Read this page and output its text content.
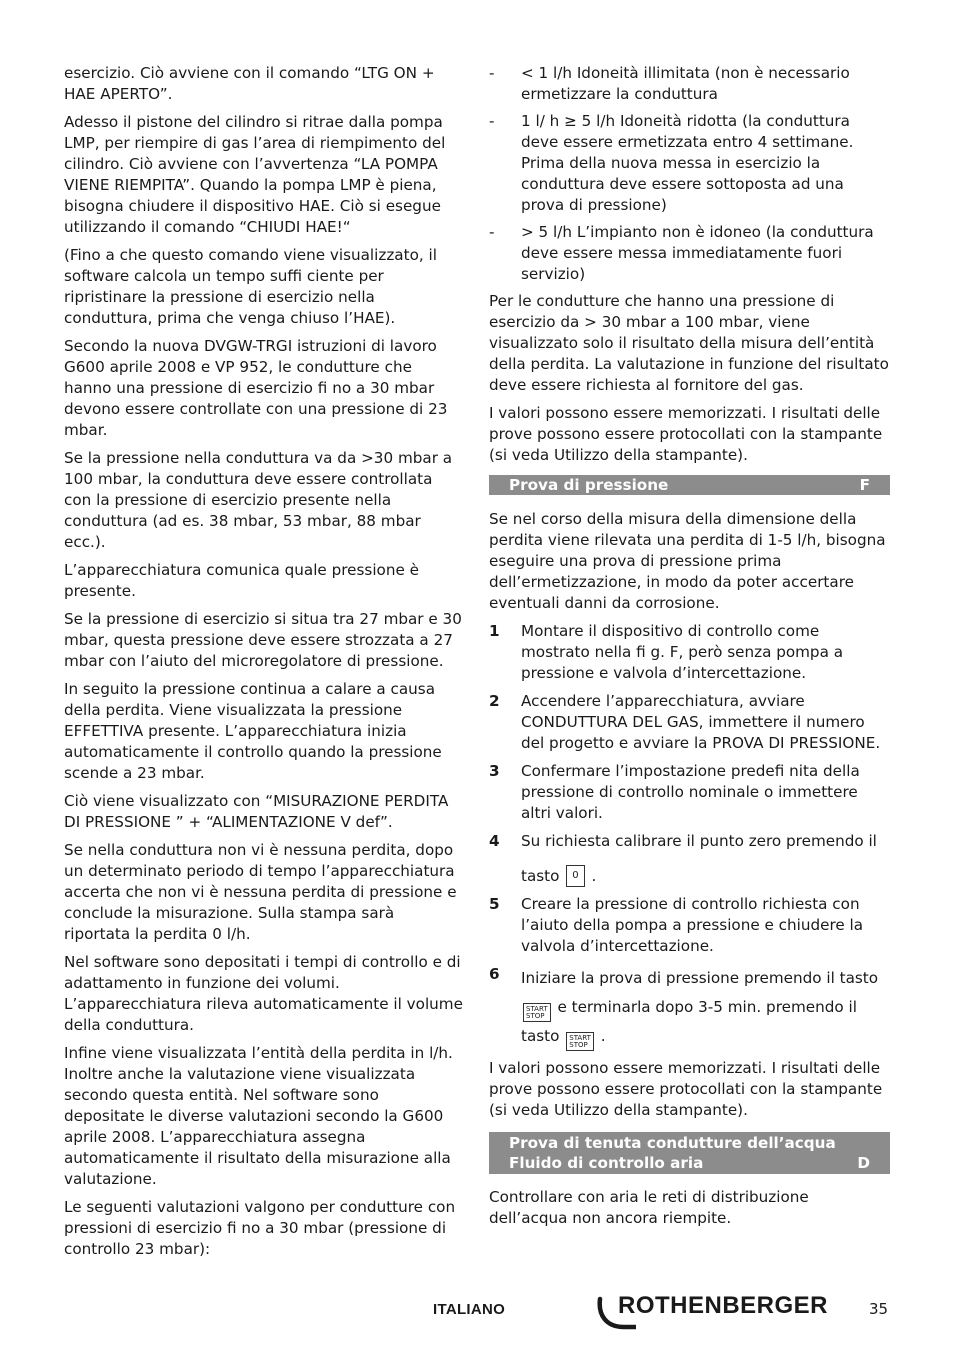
esercizio. Ciò avviene con il comando “LTG ON + HAE APERTO”.

Adesso il pistone del cilindro si ritrae dalla pompa LMP, per riempire di gas l’area di riempimento del cilindro. Ciò avviene con l’avvertenza “LA POMPA VIENE RIEMPITA”. Quando la pompa LMP è piena, bisogna chiudere il dispositivo HAE. Ciò si esegue utilizzando il comando “CHIUDI HAE!“

(Fino a che questo comando viene visualizzato, il software calcola un tempo suffi ciente per ripristinare la pressione di esercizio nella conduttura, prima che venga chiuso l’HAE).

Secondo la nuova DVGW-TRGI istruzioni di lavoro G600 aprile 2008 e VP 952, le condutture che hanno una pressione di esercizio fi no a 30 mbar devono essere controllate con una pressione di 23 mbar.

Se la pressione nella conduttura va da >30 mbar a 100 mbar, la conduttura deve essere controllata con la pressione di esercizio presente nella conduttura (ad es. 38 mbar, 53 mbar, 88 mbar ecc.).

L’apparecchiatura comunica quale pressione è presente.

Se la pressione di esercizio si situa tra 27 mbar e 30 mbar, questa pressione deve essere strozzata a 27 mbar con l’aiuto del microregolatore di pressione.

In seguito la pressione continua a calare a causa della perdita. Viene visualizzata la pressione EFFETTIVA presente. L’apparecchiatura inizia automaticamente il controllo quando la pressione scende a 23 mbar.

Ciò viene visualizzato con “MISURAZIONE PERDITA DI PRESSIONE ” + “ALIMENTAZIONE V def”.

Se nella conduttura non vi è nessuna perdita, dopo un determinato periodo di tempo l’apparecchiatura accerta che non vi è nessuna perdita di pressione e conclude la misurazione. Sulla stampa sarà riportata la perdita 0 l/h.

Nel software sono depositati i tempi di controllo e di adattamento in funzione dei volumi. L’apparecchiatura rileva automaticamente il volume della conduttura.

Infine viene visualizzata l’entità della perdita in l/h. Inoltre anche la valutazione viene visualizzata secondo questa entità. Nel software sono depositate le diverse valutazioni secondo la G600 aprile 2008. L’apparecchiatura assegna automaticamente il risultato della misurazione alla valutazione.

Le seguenti valutazioni valgono per condutture con pressioni di esercizio fi no a 30 mbar (pressione di controllo 23 mbar):

-	< 1 l/h Idoneità illimitata (non è necessario ermetizzare la conduttura
-	1 l/ h ≥ 5 l/h Idoneità ridotta (la conduttura deve essere ermetizzata entro 4 settimane. Prima della nuova messa in esercizio la conduttura deve essere sottoposta ad una prova di pressione)
-	> 5 l/h L’impianto non è idoneo (la conduttura deve essere messa immediatamente fuori servizio)

Per le condutture che hanno una pressione di esercizio da > 30 mbar a 100 mbar, viene visualizzato solo il risultato della misura dell’entità della perdita. La valutazione in funzione del risultato deve essere richiesta al fornitore del gas.

I valori possono essere memorizzati. I risultati delle prove possono essere protocollati con la stampante (si veda Utilizzo della stampante).

Prova di pressione	F

Se nel corso della misura della dimensione della perdita viene rilevata una perdita di 1-5 l/h, bisogna eseguire una prova di pressione prima dell’ermetizzazione, in modo da poter accertare eventuali danni da corrosione.

1	Montare il dispositivo di controllo come mostrato nella fi g. F, però senza pompa a pressione e valvola d’intercettazione.
2	Accendere l’apparecchiatura, avviare CONDUTTURA DEL GAS, immettere il numero del progetto e avviare la PROVA DI PRESSIONE.
3	Confermare l’impostazione predefi nita della pressione di controllo nominale o immettere altri valori.
4	Su richiesta calibrare il punto zero premendo il tasto 0 .
5	Creare la pressione di controllo richiesta con l’aiuto della pompa a pressione e chiudere la valvola d’intercettazione.
6	Iniziare la prova di pressione premendo il tasto
START
STOP e terminarla dopo 3-5 min. premendo il tasto START
STOP .

I valori possono essere memorizzati. I risultati delle prove possono essere protocollati con la stampante (si veda Utilizzo della stampante).

Prova di tenuta condutture dell’acqua
Fluido di controllo aria	D

Controllare con aria le reti di distribuzione dell’acqua non ancora riempite.

ITALIANO	ROTHENBERGER	35
